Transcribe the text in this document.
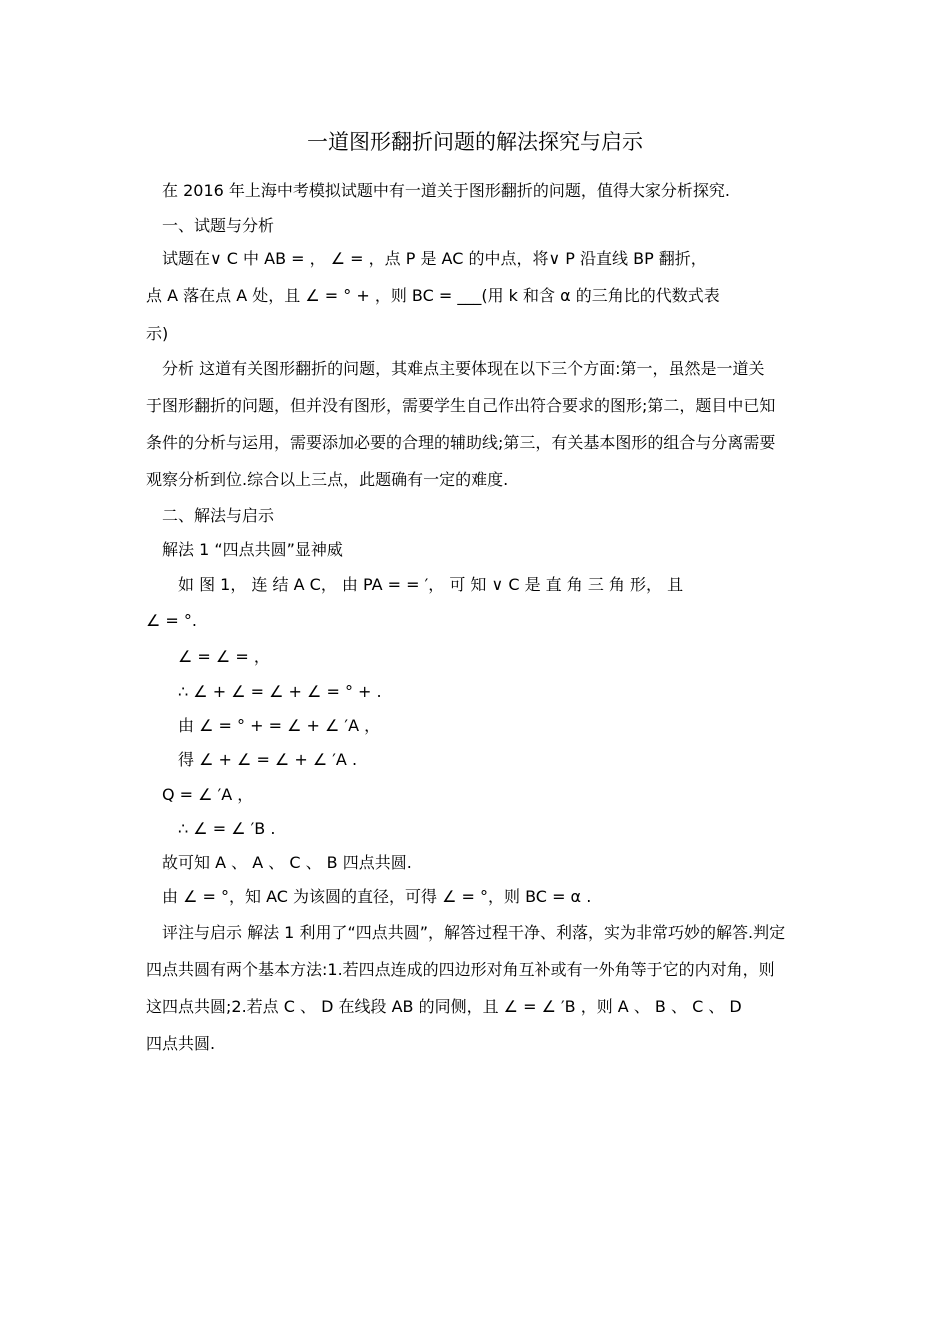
一道图形翻折问题的解法探究与启示
在 2016 年上海中考模拟试题中有一道关于图形翻折的问题，值得大家分析探究.
一、试题与分析
试题在∨ C 中 AB = ， ∠ = ，点 P 是 AC 的中点，将∨ P 沿直线 BP 翻折，
点 A 落在点 A 处，且 ∠ = ° + ，则 BC = ___(用 k 和含 α 的三角比的代数式表
示)
分析 这道有关图形翻折的问题，其难点主要体现在以下三个方面:第一，虽然是一道关
于图形翻折的问题，但并没有图形，需要学生自己作出符合要求的图形;第二，题目中已知
条件的分析与运用，需要添加必要的合理的辅助线;第三，有关基本图形的组合与分离需要
观察分析到位.综合以上三点，此题确有一定的难度.
二、解法与启示
解法 1 “四点共圆”显神威
如 图 1， 连 结 A C， 由 PA = = ′， 可 知 ∨ C 是 直 角 三 角 形， 且
∠ = °.
∠ = ∠ = ，
∴ ∠ + ∠ = ∠ + ∠ = ° + .
由 ∠ = ° + = ∠ + ∠ ′A ，
得 ∠ + ∠ = ∠ + ∠ ′A .
Q = ∠ ′A ，
∴ ∠ = ∠ ′B .
故可知 A 、 A 、 C 、 B 四点共圆.
由 ∠ = °，知 AC 为该圆的直径，可得 ∠ = °，则 BC = α .
评注与启示 解法 1 利用了“四点共圆”，解答过程干净、利落，实为非常巧妙的解答.判定
四点共圆有两个基本方法:1.若四点连成的四边形对角互补或有一外角等于它的内对角，则
这四点共圆;2.若点 C 、 D 在线段 AB 的同侧，且 ∠ = ∠ ′B ，则 A 、 B 、 C 、 D
四点共圆.
